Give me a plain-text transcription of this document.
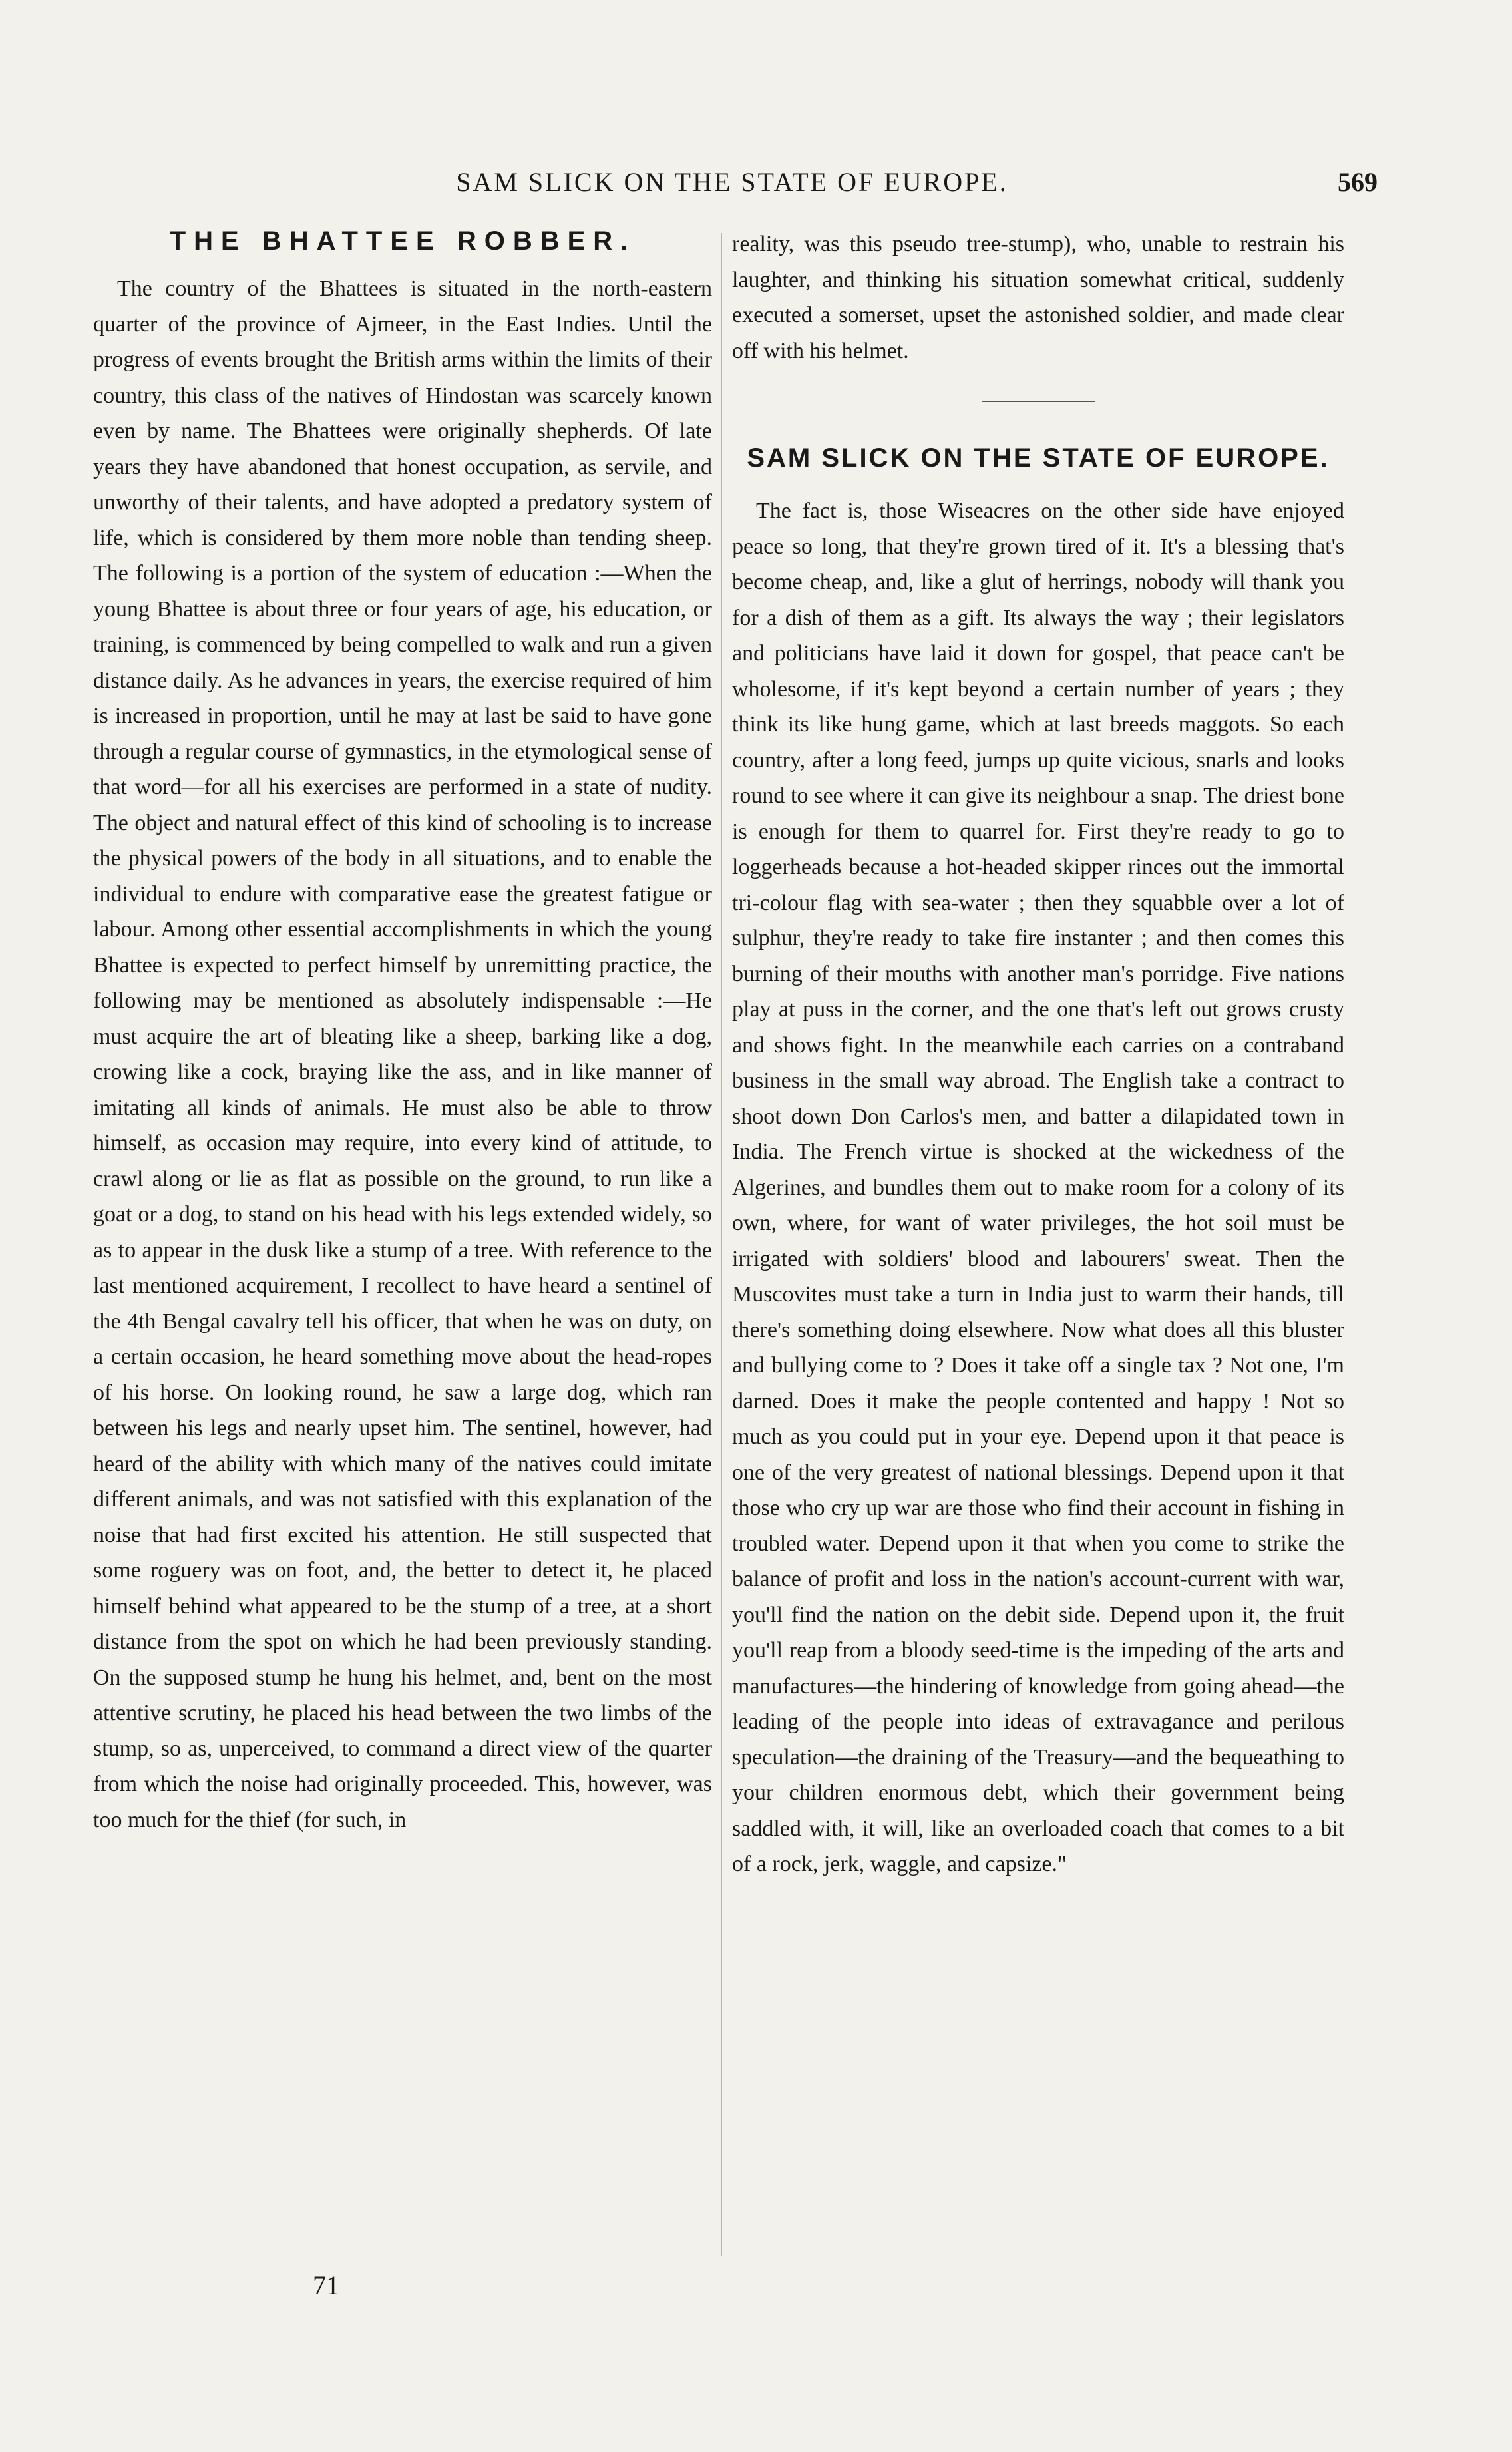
SAM SLICK ON THE STATE OF EUROPE.	569
THE BHATTEE ROBBER.

The country of the Bhattees is situated in the north-eastern quarter of the province of Ajmeer, in the East Indies. Until the progress of events brought the British arms within the limits of their country, this class of the natives of Hindostan was scarcely known even by name. The Bhattees were originally shepherds. Of late years they have abandoned that honest occupation, as servile, and unworthy of their talents, and have adopted a predatory system of life, which is considered by them more noble than tending sheep. The following is a portion of the system of education :—When the young Bhattee is about three or four years of age, his education, or training, is commenced by being compelled to walk and run a given distance daily. As he advances in years, the exercise required of him is increased in proportion, until he may at last be said to have gone through a regular course of gymnastics, in the etymological sense of that word—for all his exercises are performed in a state of nudity. The object and natural effect of this kind of schooling is to increase the physical powers of the body in all situations, and to enable the individual to endure with comparative ease the greatest fatigue or labour. Among other essential accomplishments in which the young Bhattee is expected to perfect himself by unremitting practice, the following may be mentioned as absolutely indispensable :—He must acquire the art of bleating like a sheep, barking like a dog, crowing like a cock, braying like the ass, and in like manner of imitating all kinds of animals. He must also be able to throw himself, as occasion may require, into every kind of attitude, to crawl along or lie as flat as possible on the ground, to run like a goat or a dog, to stand on his head with his legs extended widely, so as to appear in the dusk like a stump of a tree. With reference to the last mentioned acquirement, I recollect to have heard a sentinel of the 4th Bengal cavalry tell his officer, that when he was on duty, on a certain occasion, he heard something move about the head-ropes of his horse. On looking round, he saw a large dog, which ran between his legs and nearly upset him. The sentinel, however, had heard of the ability with which many of the natives could imitate different animals, and was not satisfied with this explanation of the noise that had first excited his attention. He still suspected that some roguery was on foot, and, the better to detect it, he placed himself behind what appeared to be the stump of a tree, at a short distance from the spot on which he had been previously standing. On the supposed stump he hung his helmet, and, bent on the most attentive scrutiny, he placed his head between the two limbs of the stump, so as, unperceived, to command a direct view of the quarter from which the noise had originally proceeded. This, however, was too much for the thief (for such, in

reality, was this pseudo tree-stump), who, unable to restrain his laughter, and thinking his situation somewhat critical, suddenly executed a somerset, upset the astonished soldier, and made clear off with his helmet.

SAM SLICK ON THE STATE OF EUROPE.

The fact is, those Wiseacres on the other side have enjoyed peace so long, that they're grown tired of it. It's a blessing that's become cheap, and, like a glut of herrings, nobody will thank you for a dish of them as a gift. Its always the way ; their legislators and politicians have laid it down for gospel, that peace can't be wholesome, if it's kept beyond a certain number of years ; they think its like hung game, which at last breeds maggots. So each country, after a long feed, jumps up quite vicious, snarls and looks round to see where it can give its neighbour a snap. The driest bone is enough for them to quarrel for. First they're ready to go to loggerheads because a hot-headed skipper rinces out the immortal tri-colour flag with sea-water ; then they squabble over a lot of sulphur, they're ready to take fire instanter ; and then comes this burning of their mouths with another man's porridge. Five nations play at puss in the corner, and the one that's left out grows crusty and shows fight. In the meanwhile each carries on a contraband business in the small way abroad. The English take a contract to shoot down Don Carlos's men, and batter a dilapidated town in India. The French virtue is shocked at the wickedness of the Algerines, and bundles them out to make room for a colony of its own, where, for want of water privileges, the hot soil must be irrigated with soldiers' blood and labourers' sweat. Then the Muscovites must take a turn in India just to warm their hands, till there's something doing elsewhere. Now what does all this bluster and bullying come to ? Does it take off a single tax ? Not one, I'm darned. Does it make the people contented and happy ! Not so much as you could put in your eye. Depend upon it that peace is one of the very greatest of national blessings. Depend upon it that those who cry up war are those who find their account in fishing in troubled water. Depend upon it that when you come to strike the balance of profit and loss in the nation's account-current with war, you'll find the nation on the debit side. Depend upon it, the fruit you'll reap from a bloody seed-time is the impeding of the arts and manufactures—the hindering of knowledge from going ahead—the leading of the people into ideas of extravagance and perilous speculation—the draining of the Treasury—and the bequeathing to your children enormous debt, which their government being saddled with, it will, like an overloaded coach that comes to a bit of a rock, jerk, waggle, and capsize."

71
